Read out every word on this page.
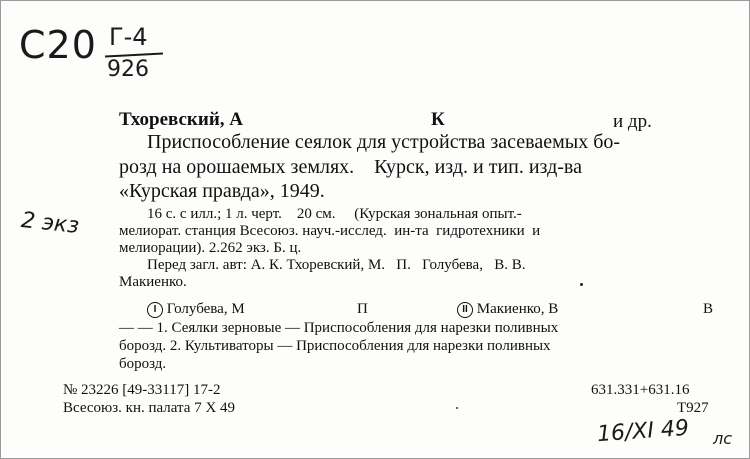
С20 Г-4
926
2 экз
Тхоревский, А	К	и др.
Приспособление сеялок для устройства засеваемых бо-
розд на орошаемых землях.    Курск, изд. и тип. изд-ва
«Курская правда», 1949.
16 с. с илл.; 1 л. черт.    20 см.     (Курская зональная опыт.-
мелиорат. станция Всесоюз. науч.-исслед.  ин-та  гидротехники  и
мелиорации). 2.262 экз. Б. ц.
Перед загл. авт: А. К. Тхоревский, М.   П.   Голубева,   В. В.
Макиенко.
I Голубева, М	П	II Макиенко, В	В
— — 1. Сеялки зерновые — Приспособления для нарезки поливных
борозд. 2. Культиваторы — Приспособления для нарезки поливных
борозд.
№ 23226 [49-33117] 17-2
Всесоюз. кн. палата 7 X 49
631.331+631.16
Т927
16/XI 49 лс
